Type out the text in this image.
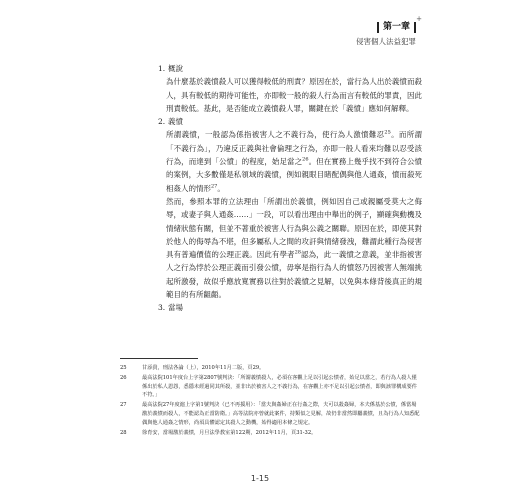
第一章
侵害個人法益犯罪
+
1. 概說

為什麼基於義憤殺人可以獲得較低的刑責？原因在於，當行為人出於義憤而殺人，具有較低的期待可能性，亦即較一般的殺人行為而言有較低的罪責，因此刑責較低。基此，是否能成立義憤殺人罪，關鍵在於「義憤」應如何解釋。

2. 義憤

所謂義憤，一般認為係指被害人之不義行為，使行為人激憤難忍$^{25}$。而所謂「不義行為」，乃違反正義與社會倫理之行為，亦即一般人看來均難以忍受該行為，而達到「公憤」的程度，始足當之$^{26}$。但在實務上幾乎找不到符合公憤的案例，大多數僅是私領域的義憤，例如親眼目睹配偶與他人通姦，憤而殺死相姦人的情形$^{27}$。

然而，參照本罪的立法理由「所謂出於義憤，例如因自己或親屬受莫大之侮辱，或妻子與人通姦……」一段，可以看出理由中舉出的例子，顯確與動機及情緒狀態有關，但並不著重於被害人行為與公義之關聯。原因在於，即使其對於他人的侮辱為不堪，但多屬私人之間的攻訐與情緒發洩，難謂此種行為侵害具有普遍價值的公理正義。因此有學者$^{28}$認為，此一義憤之意義，並非指被害人之行為悖於公理正義而引發公憤，毋寧是指行為人的憤怒乃因被害人無端挑起所激發，故似乎應放寬實務以往對於義憤之見解，以免與本條背後真正的規範目的有所齟齬。

3. 當場
25	甘添貴，刑法各論（上），2010年11月二版，頁29。
26	最高法院101年度台上字第2807號判決：「所謂義憤殺人，必須在客觀上足以引起公憤者，始足以當之，若行為人殺人僅係出於私人恩怨，悉隱未經過同其所殺，並非出於被害人之不義行為，在客觀上亦不足以引起公憤者，即與該罪構成要件不符。」
27	最高法院27年度滬上字第1號判決（已不再援用）：「當夫與姦婦正在行姦之際，夫可以殺姦婦，本夫係基於公憤，係當場激於義憤而殺人，不能認為正當防衛。」高等法院亦曾就此案件，持類似之見解，故仍非當然即屬義憤，且為行為人知悉配偶與他人通姦之情形，尚須具體認定其殺人之動機，始得適用本條之規定。
28	徐育安，當場激於義憤，月旦法學教室第122期，2012年11月，頁31-32。
1-15
